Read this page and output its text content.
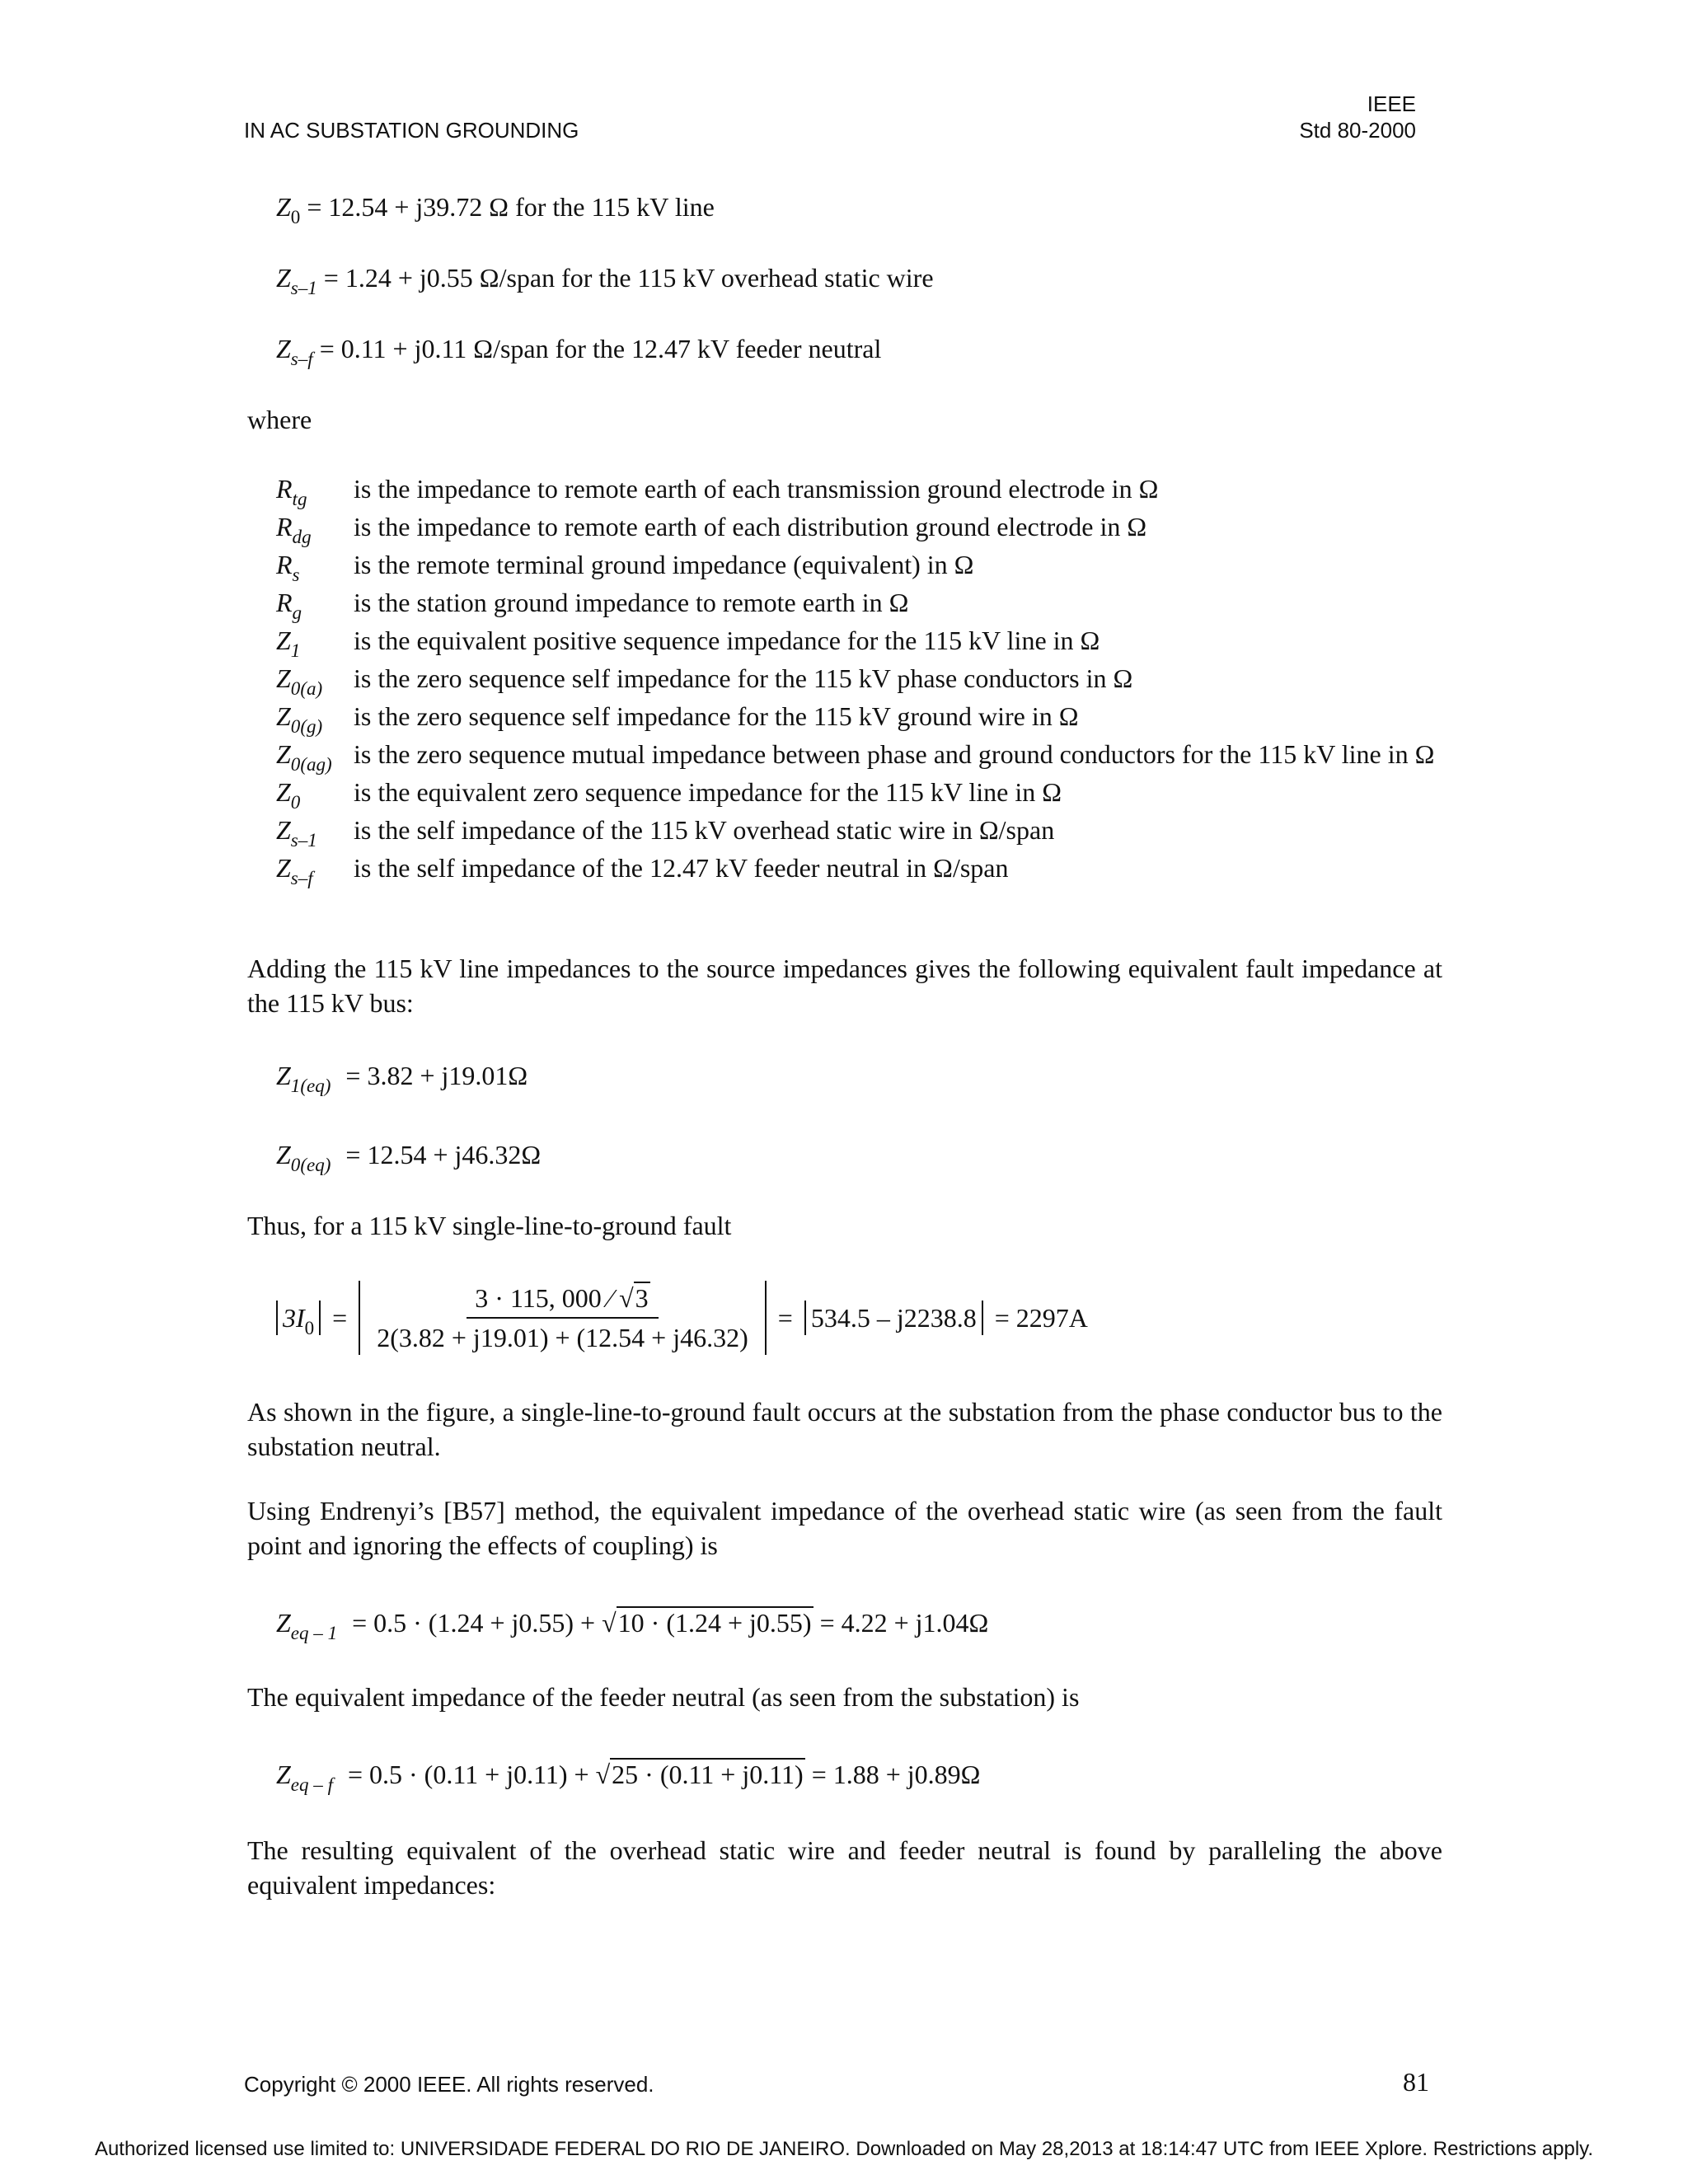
IN AC SUBSTATION GROUNDING
IEEE
Std 80-2000
$Z_0 = 12.54 + j39.72$ Ω for the 115 kV line
$Z_{s-1} = 1.24 + j0.55$ Ω/span for the 115 kV overhead static wire
$Z_{s-f} = 0.11 + j0.11$ Ω/span for the 12.47 kV feeder neutral
where
$R_{tg}$	is the impedance to remote earth of each transmission ground electrode in Ω
$R_{dg}$	is the impedance to remote earth of each distribution ground electrode in Ω
$R_s$	is the remote terminal ground impedance (equivalent) in Ω
$R_g$	is the station ground impedance to remote earth in Ω
$Z_1$	is the equivalent positive sequence impedance for the 115 kV line in Ω
$Z_{0(a)}$	is the zero sequence self impedance for the 115 kV phase conductors in Ω
$Z_{0(g)}$	is the zero sequence self impedance for the 115 kV ground wire in Ω
$Z_{0(ag)}$ is the zero sequence mutual impedance between phase and ground conductors for the 115 kV line in Ω
$Z_0$	is the equivalent zero sequence impedance for the 115 kV line in Ω
$Z_{s-1}$	is the self impedance of the 115 kV overhead static wire in Ω/span
$Z_{s-f}$	is the self impedance of the 12.47 kV feeder neutral in Ω/span
Adding the 115 kV line impedances to the source impedances gives the following equivalent fault impedance at the 115 kV bus:
$Z_{1(eq)} = 3.82 + j19.01\Omega$
$Z_{0(eq)} = 12.54 + j46.32\Omega$
Thus, for a 115 kV single-line-to-ground fault
$3I_0 = \frac{3 \cdot 115, 000 ⁄ √3}{2(3.82 + j19.01) + (12.54 + j46.32)} = 534.5 - j2238.8 = 2297A$
As shown in the figure, a single-line-to-ground fault occurs at the substation from the phase conductor bus to the substation neutral.
Using Endrenyi’s [B57] method, the equivalent impedance of the overhead static wire (as seen from the fault point and ignoring the effects of coupling) is
$Z_{eq - 1} = 0.5 \cdot (1.24 + j0.55) + √10 \cdot (1.24 + j0.55) = 4.22 + j1.04\Omega$
The equivalent impedance of the feeder neutral (as seen from the substation) is
$Z_{eq - f} = 0.5 \cdot (0.11 + j0.11) + √25 \cdot (0.11 + j0.11) = 1.88 + j0.89\Omega$
The resulting equivalent of the overhead static wire and feeder neutral is found by paralleling the above equivalent impedances:
Copyright © 2000 IEEE. All rights reserved.	81
Authorized licensed use limited to: UNIVERSIDADE FEDERAL DO RIO DE JANEIRO. Downloaded on May 28,2013 at 18:14:47 UTC from IEEE Xplore. Restrictions apply.
